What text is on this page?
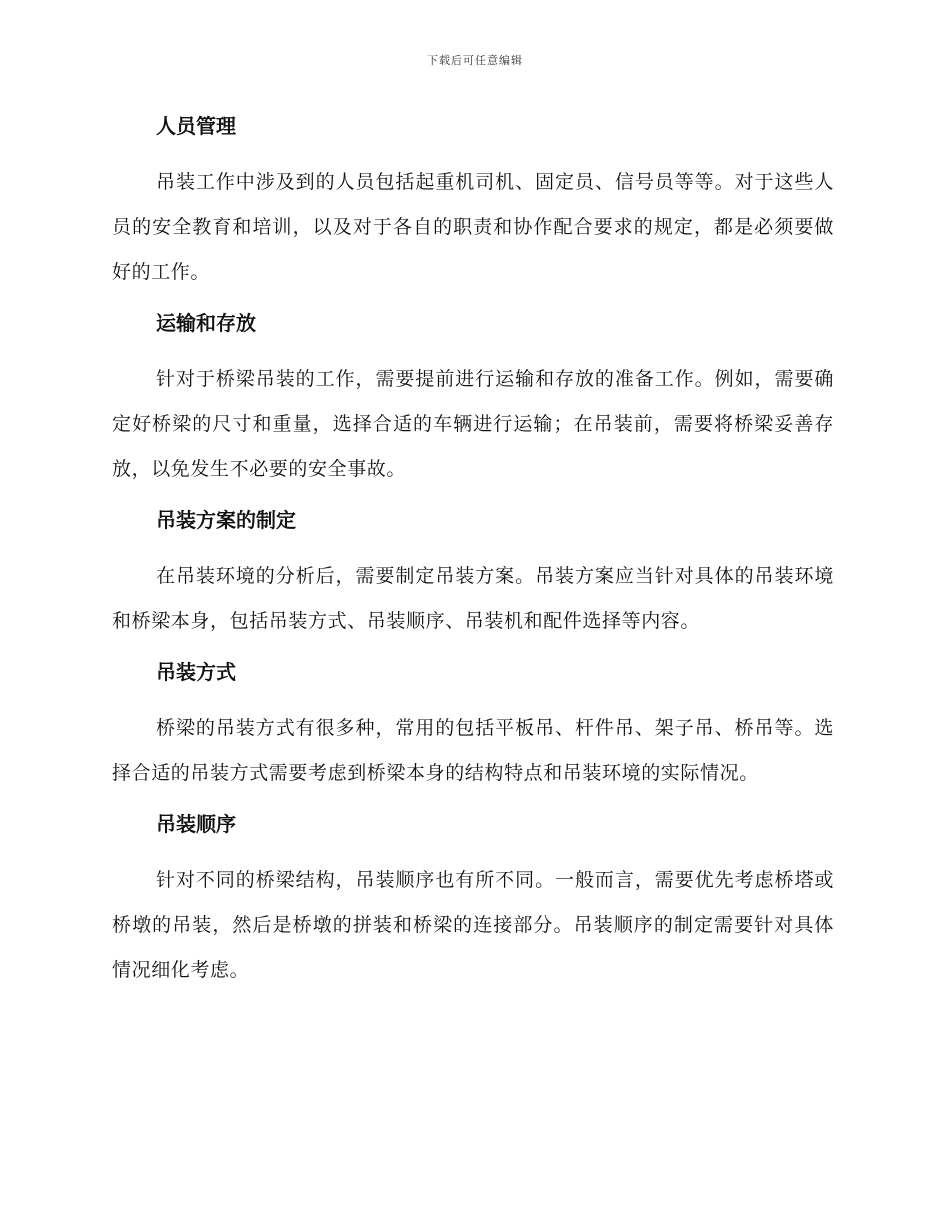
下载后可任意编辑
人员管理

吊装工作中涉及到的人员包括起重机司机、固定员、信号员等等。对于这些人员的安全教育和培训，以及对于各自的职责和协作配合要求的规定，都是必须要做好的工作。

运输和存放

针对于桥梁吊装的工作，需要提前进行运输和存放的准备工作。例如，需要确定好桥梁的尺寸和重量，选择合适的车辆进行运输；在吊装前，需要将桥梁妥善存放，以免发生不必要的安全事故。

吊装方案的制定

在吊装环境的分析后，需要制定吊装方案。吊装方案应当针对具体的吊装环境和桥梁本身，包括吊装方式、吊装顺序、吊装机和配件选择等内容。

吊装方式

桥梁的吊装方式有很多种，常用的包括平板吊、杆件吊、架子吊、桥吊等。选择合适的吊装方式需要考虑到桥梁本身的结构特点和吊装环境的实际情况。

吊装顺序

针对不同的桥梁结构，吊装顺序也有所不同。一般而言，需要优先考虑桥塔或桥墩的吊装，然后是桥墩的拼装和桥梁的连接部分。吊装顺序的制定需要针对具体情况细化考虑。
